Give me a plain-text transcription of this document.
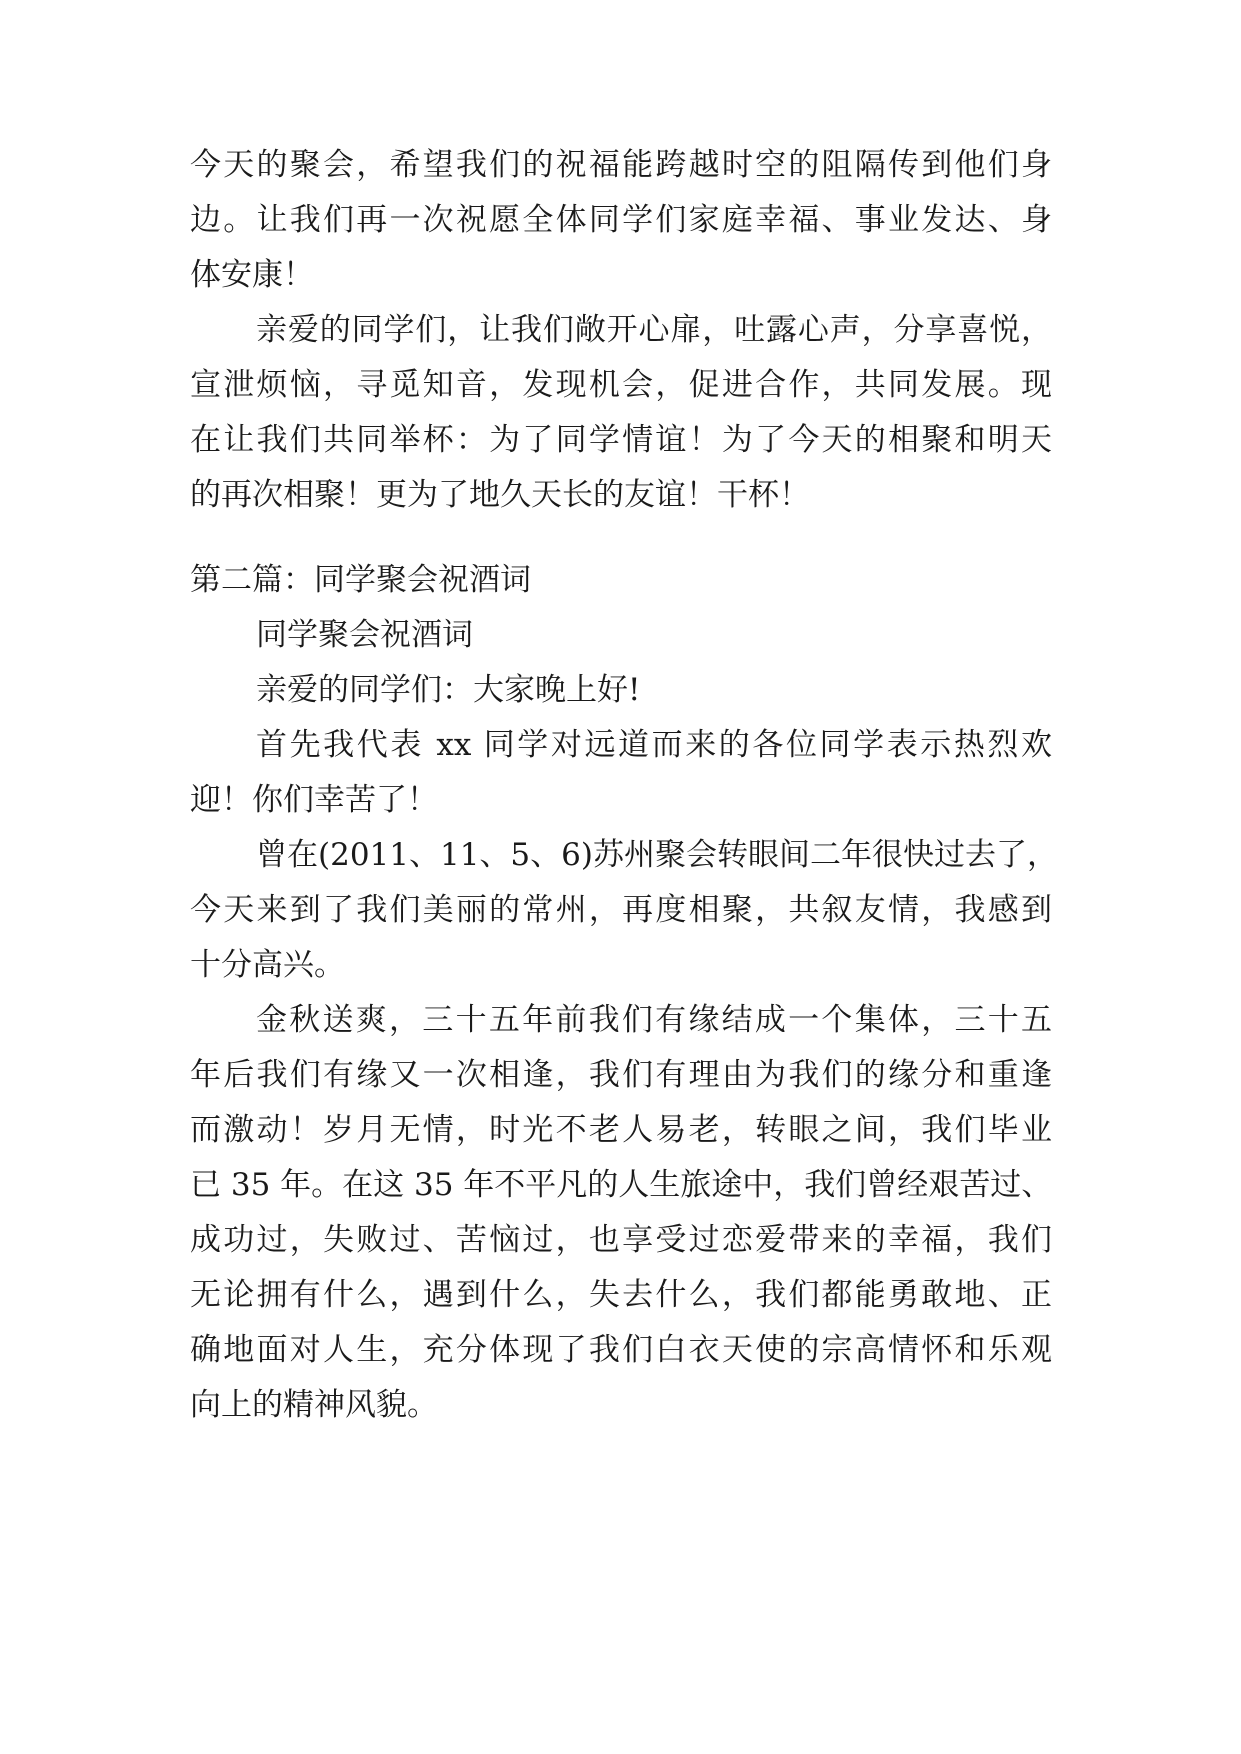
今天的聚会，希望我们的祝福能跨越时空的阻隔传到他们身
边。让我们再一次祝愿全体同学们家庭幸福、事业发达、身
体安康！
亲爱的同学们，让我们敞开心扉，吐露心声，分享喜悦，
宣泄烦恼，寻觅知音，发现机会，促进合作，共同发展。现
在让我们共同举杯：为了同学情谊！为了今天的相聚和明天
的再次相聚！更为了地久天长的友谊！干杯！
第二篇：同学聚会祝酒词
同学聚会祝酒词
亲爱的同学们：大家晚上好!
首先我代表 xx 同学对远道而来的各位同学表示热烈欢
迎！你们幸苦了！
曾在(2011、11、5、6)苏州聚会转眼间二年很快过去了，
今天来到了我们美丽的常州，再度相聚，共叙友情，我感到
十分高兴。
金秋送爽，三十五年前我们有缘结成一个集体，三十五
年后我们有缘又一次相逢，我们有理由为我们的缘分和重逢
而激动！岁月无情，时光不老人易老，转眼之间，我们毕业
已 35 年。在这 35 年不平凡的人生旅途中，我们曾经艰苦过、
成功过，失败过、苦恼过，也享受过恋爱带来的幸福，我们
无论拥有什么，遇到什么，失去什么，我们都能勇敢地、正
确地面对人生，充分体现了我们白衣天使的宗高情怀和乐观
向上的精神风貌。
